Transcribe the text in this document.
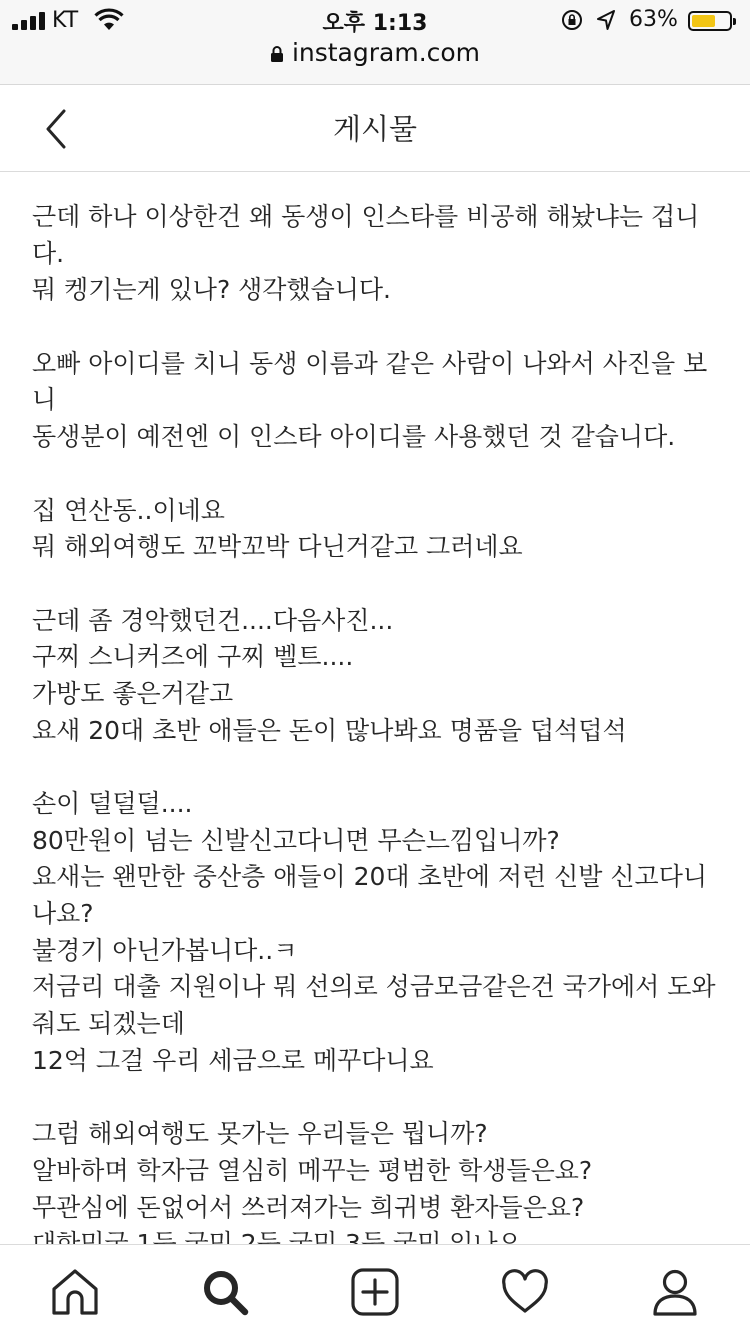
KT	오후 1:13	63%
instagram.com
게시물
근데 하나 이상한건 왜 동생이 인스타를 비공해 해놨냐는 겁니
다.
뭐 켕기는게 있나? 생각했습니다.
오빠 아이디를 치니 동생 이름과 같은 사람이 나와서 사진을 보
니
동생분이 예전엔 이 인스타 아이디를 사용했던 것 같습니다.
집 연산동..이네요
뭐 해외여행도 꼬박꼬박 다닌거같고 그러네요
근데 좀 경악했던건....다음사진...
구찌 스니커즈에 구찌 벨트....
가방도 좋은거같고
요새 20대 초반 애들은 돈이 많나봐요 명품을 덥석덥석
손이 덜덜덜....
80만원이 넘는 신발신고다니면 무슨느낌입니까?
요새는 왠만한 중산층 애들이 20대 초반에 저런 신발 신고다니
나요?
불경기 아닌가봅니다..ㅋ
저금리 대출 지원이나 뭐 선의로 성금모금같은건 국가에서 도와
줘도 되겠는데
12억 그걸 우리 세금으로 메꾸다니요
그럼 해외여행도 못가는 우리들은 뭡니까?
알바하며 학자금 열심히 메꾸는 평범한 학생들은요?
무관심에 돈없어서 쓰러져가는 희귀병 환자들은요?
